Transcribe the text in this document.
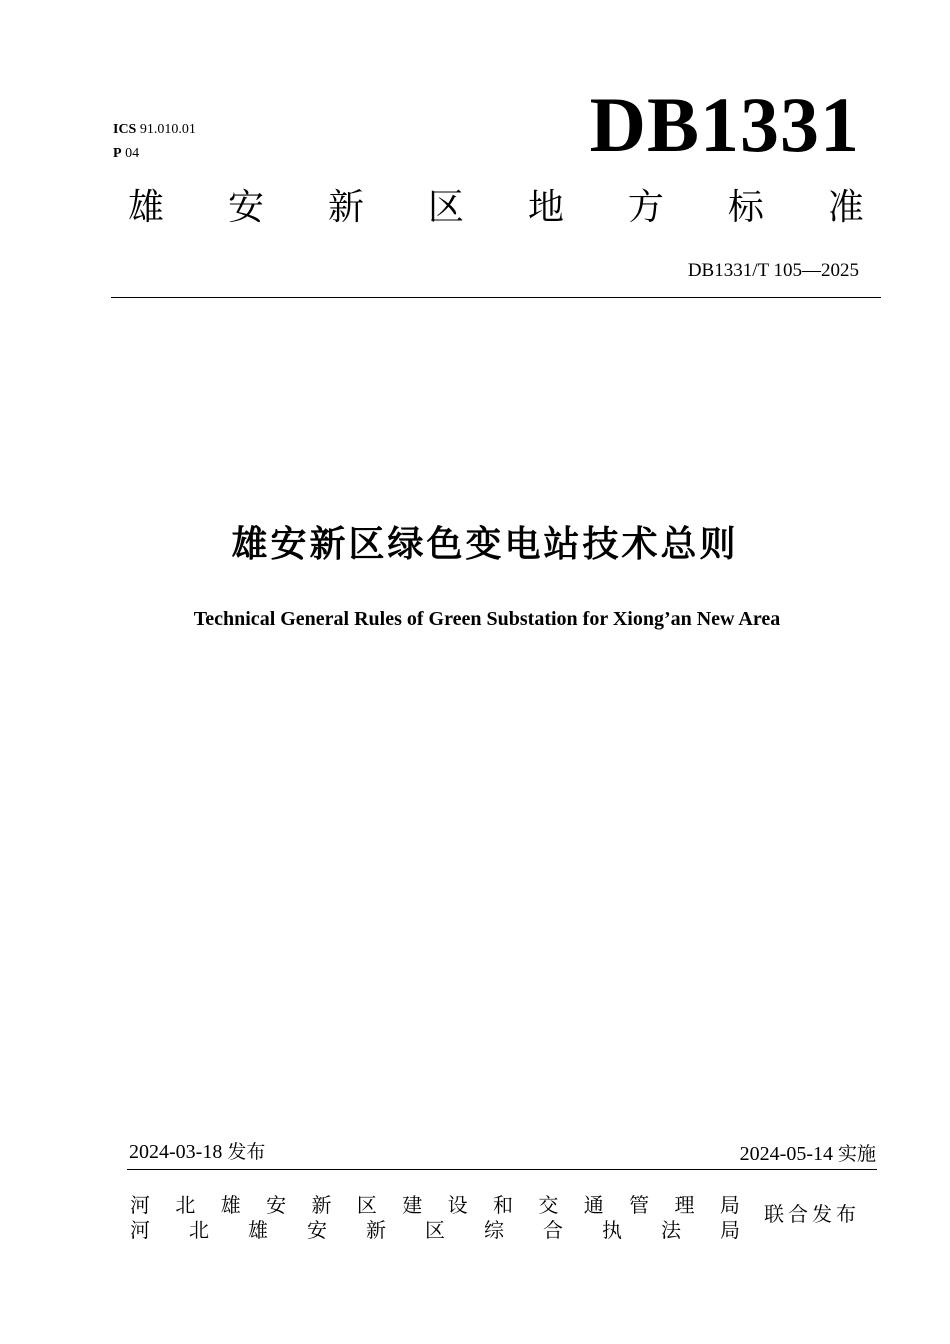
ICS 91.010.01
P 04	DB1331
雄 安 新 区 地 方 标 准
DB1331/T 105—2025
雄安新区绿色变电站技术总则
Technical General Rules of Green Substation for Xiong’an New Area
2024-03-18 发布	2024-05-14 实施
河 北 雄 安 新 区 建 设 和 交 通 管 理 局
河 北 雄 安 新 区 综 合 执 法 局
联合发布
